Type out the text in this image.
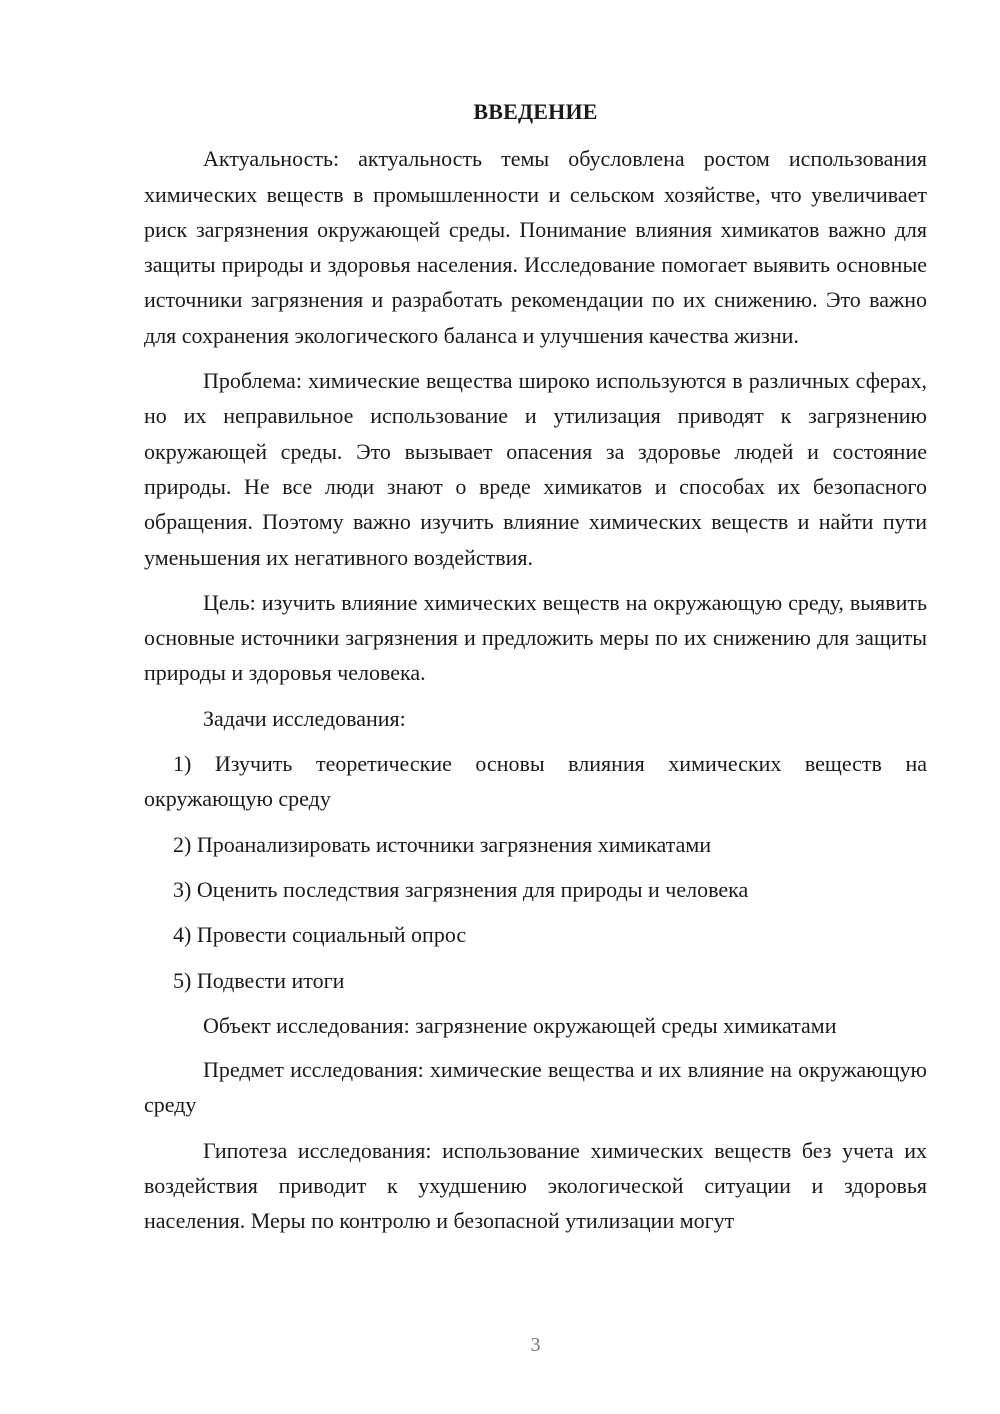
ВВЕДЕНИЕ

Актуальность: актуальность темы обусловлена ростом использования химических веществ в промышленности и сельском хозяйстве, что увеличивает риск загрязнения окружающей среды. Понимание влияния химикатов важно для защиты природы и здоровья населения. Исследование помогает выявить основные источники загрязнения и разработать рекомендации по их снижению. Это важно для сохранения экологического баланса и улучшения качества жизни.

Проблема: химические вещества широко используются в различных сферах, но их неправильное использование и утилизация приводят к загрязнению окружающей среды. Это вызывает опасения за здоровье людей и состояние природы. Не все люди знают о вреде химикатов и способах их безопасного обращения. Поэтому важно изучить влияние химических веществ и найти пути уменьшения их негативного воздействия.

Цель: изучить влияние химических веществ на окружающую среду, выявить основные источники загрязнения и предложить меры по их снижению для защиты природы и здоровья человека.

Задачи исследования:

1) Изучить теоретические основы влияния химических веществ на окружающую среду

2) Проанализировать источники загрязнения химикатами

3) Оценить последствия загрязнения для природы и человека

4) Провести социальный опрос

5) Подвести итоги

Объект исследования: загрязнение окружающей среды химикатами

Предмет исследования: химические вещества и их влияние на окружающую среду

Гипотеза исследования: использование химических веществ без учета их воздействия приводит к ухудшению экологической ситуации и здоровья населения. Меры по контролю и безопасной утилизации могут

3
